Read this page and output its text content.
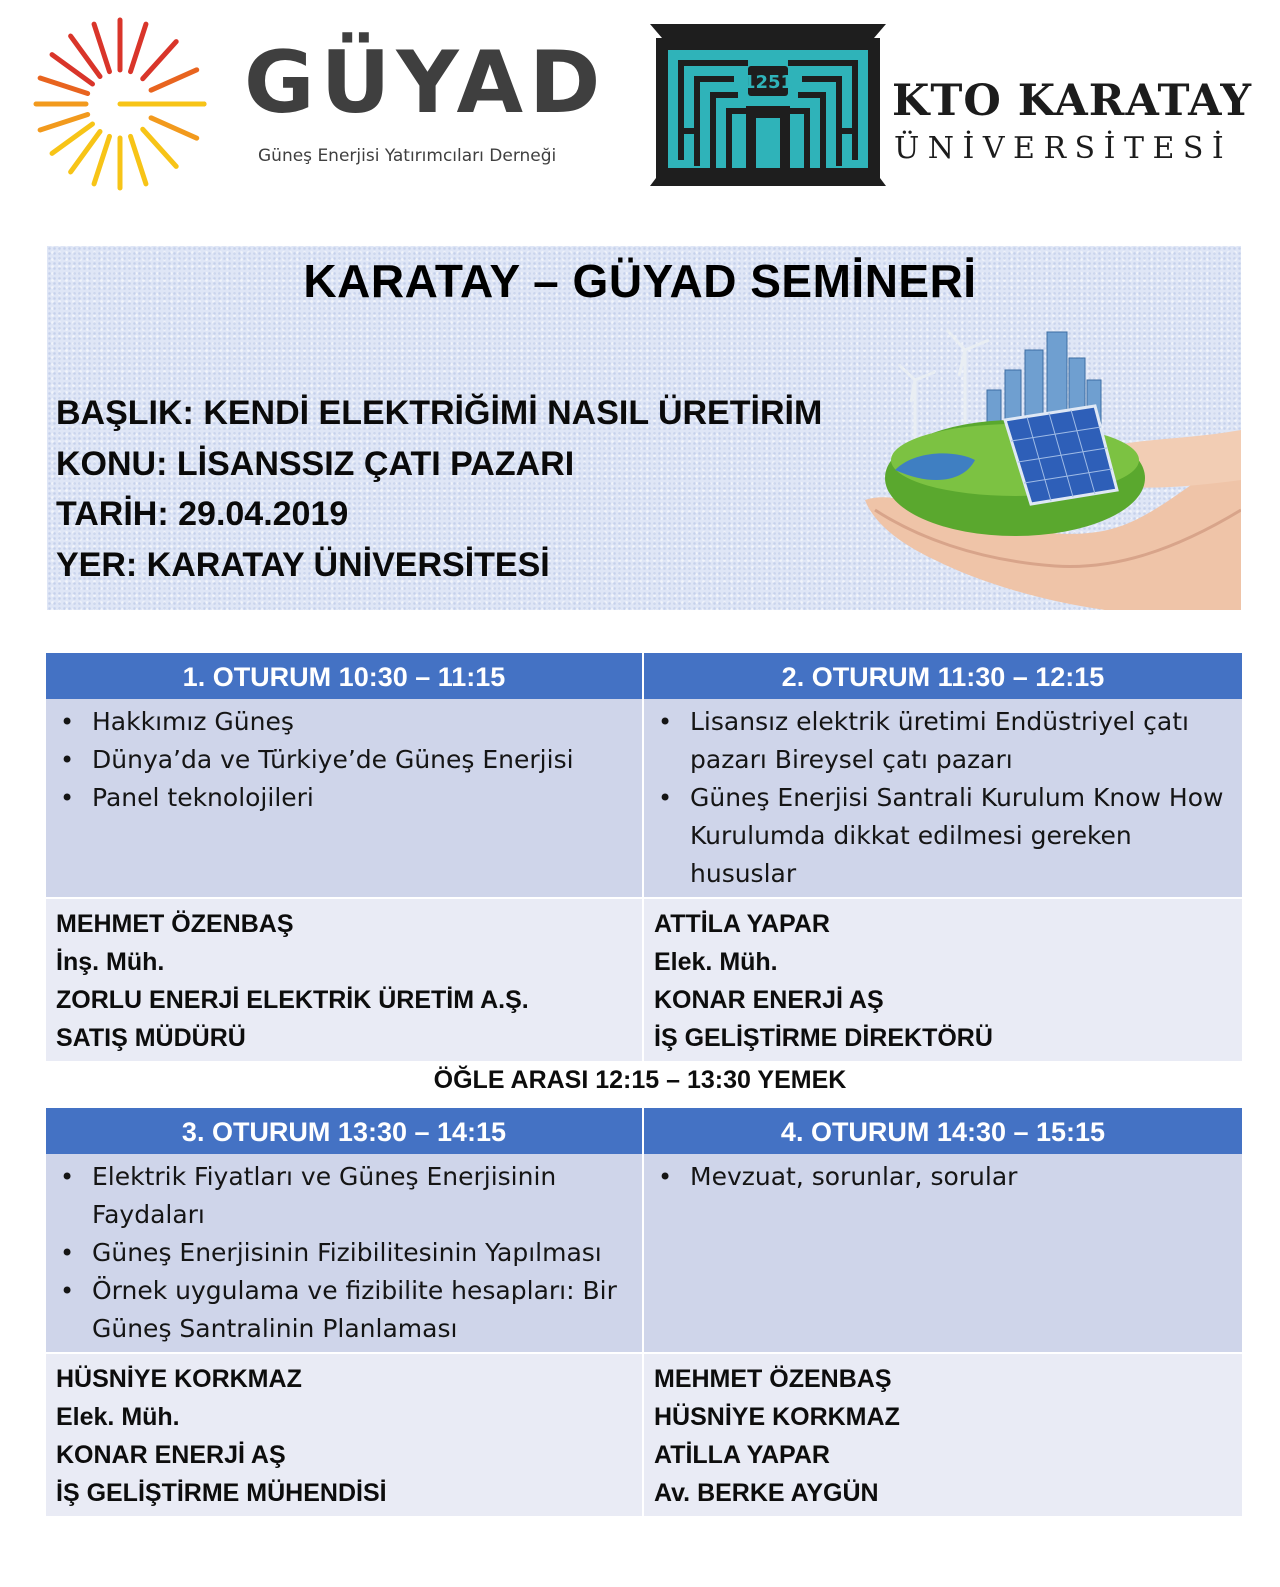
GÜYAD
Güneş Enerjisi Yatırımcıları Derneği
1251 KTO KARATAY
ÜNİVERSİTESİ
KARATAY – GÜYAD SEMİNERİ
BAŞLIK: KENDİ ELEKTRİĞİMİ NASIL ÜRETİRİM
KONU: LİSANSSIZ ÇATI PAZARI
TARİH: 29.04.2019
YER: KARATAY ÜNİVERSİTESİ
1. OTURUM 10:30 – 11:15	2. OTURUM 11:30 – 12:15
• Hakkımız Güneş
• Dünya’da ve Türkiye’de Güneş Enerjisi
• Panel teknolojileri
• Lisansız elektrik üretimi Endüstriyel çatı pazarı Bireysel çatı pazarı
• Güneş Enerjisi Santrali Kurulum Know How Kurulumda dikkat edilmesi gereken hususlar
MEHMET ÖZENBAŞ
İnş. Müh.
ZORLU ENERJİ ELEKTRİK ÜRETİM A.Ş.
SATIŞ MÜDÜRÜ
ATTİLA YAPAR
Elek. Müh.
KONAR ENERJİ AŞ
İŞ GELİŞTİRME DİREKTÖRÜ
ÖĞLE ARASI 12:15 – 13:30 YEMEK
3. OTURUM 13:30 – 14:15	4. OTURUM 14:30 – 15:15
• Elektrik Fiyatları ve Güneş Enerjisinin Faydaları
• Güneş Enerjisinin Fizibilitesinin Yapılması
• Örnek uygulama ve fizibilite hesapları: Bir Güneş Santralinin Planlaması
• Mevzuat, sorunlar, sorular
HÜSNİYE KORKMAZ
Elek. Müh.
KONAR ENERJİ AŞ
İŞ GELİŞTİRME MÜHENDİSİ
MEHMET ÖZENBAŞ
HÜSNİYE KORKMAZ
ATİLLA YAPAR
Av. BERKE AYGÜN
